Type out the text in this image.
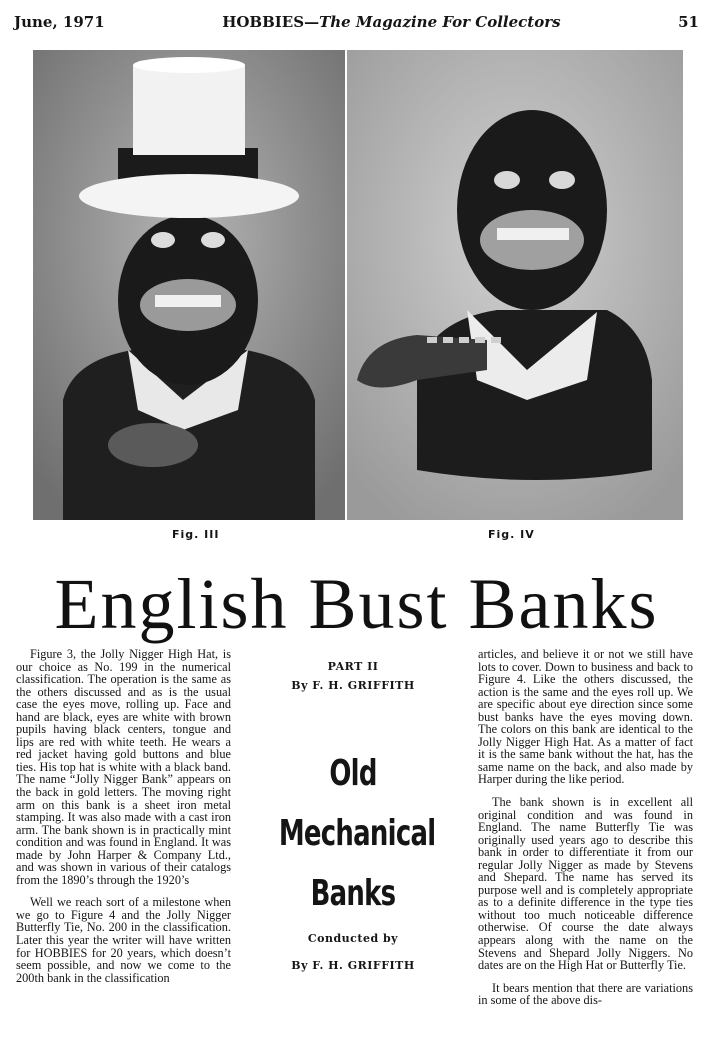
June, 1971	HOBBIES—The Magazine For Collectors	51
Fig. III	Fig. IV
English Bust Banks

Figure 3, the Jolly Nigger High Hat, is our choice as No. 199 in the numerical classification. The operation is the same as the others discussed and as is the usual case the eyes move, rolling up. Face and hand are black, eyes are white with brown pupils having black centers, tongue and lips are red with white teeth. He wears a red jacket having gold buttons and blue ties. His top hat is white with a black band. The name “Jolly Nigger Bank” appears on the back in gold letters. The moving right arm on this bank is a sheet iron metal stamping. It was also made with a cast iron arm. The bank shown is in practically mint condition and was found in England. It was made by John Harper & Company Ltd., and was shown in various of their catalogs from the 1890’s through the 1920’s

Well we reach sort of a milestone when we go to Figure 4 and the Jolly Nigger Butterfly Tie, No. 200 in the classification. Later this year the writer will have written for HOBBIES for 20 years, which doesn’t seem possible, and now we come to the 200th bank in the classification

PART II
By F. H. GRIFFITH
Old
Mechanical
Banks
Conducted by
By F. H. GRIFFITH

articles, and believe it or not we still have lots to cover. Down to business and back to Figure 4. Like the others discussed, the action is the same and the eyes roll up. We are specific about eye direction since some bust banks have the eyes moving down. The colors on this bank are identical to the Jolly Nigger High Hat. As a matter of fact it is the same bank without the hat, has the same name on the back, and also made by Harper during the like period.

The bank shown is in excellent all original condition and was found in England. The name Butterfly Tie was originally used years ago to describe this bank in order to differentiate it from our regular Jolly Nigger as made by Stevens and Shepard. The name has served its purpose well and is completely appropriate as to a definite difference in the type ties without too much noticeable difference otherwise. Of course the date always appears along with the name on the Stevens and Shepard Jolly Niggers. No dates are on the High Hat or Butterfly Tie.

It bears mention that there are variations in some of the above dis-
